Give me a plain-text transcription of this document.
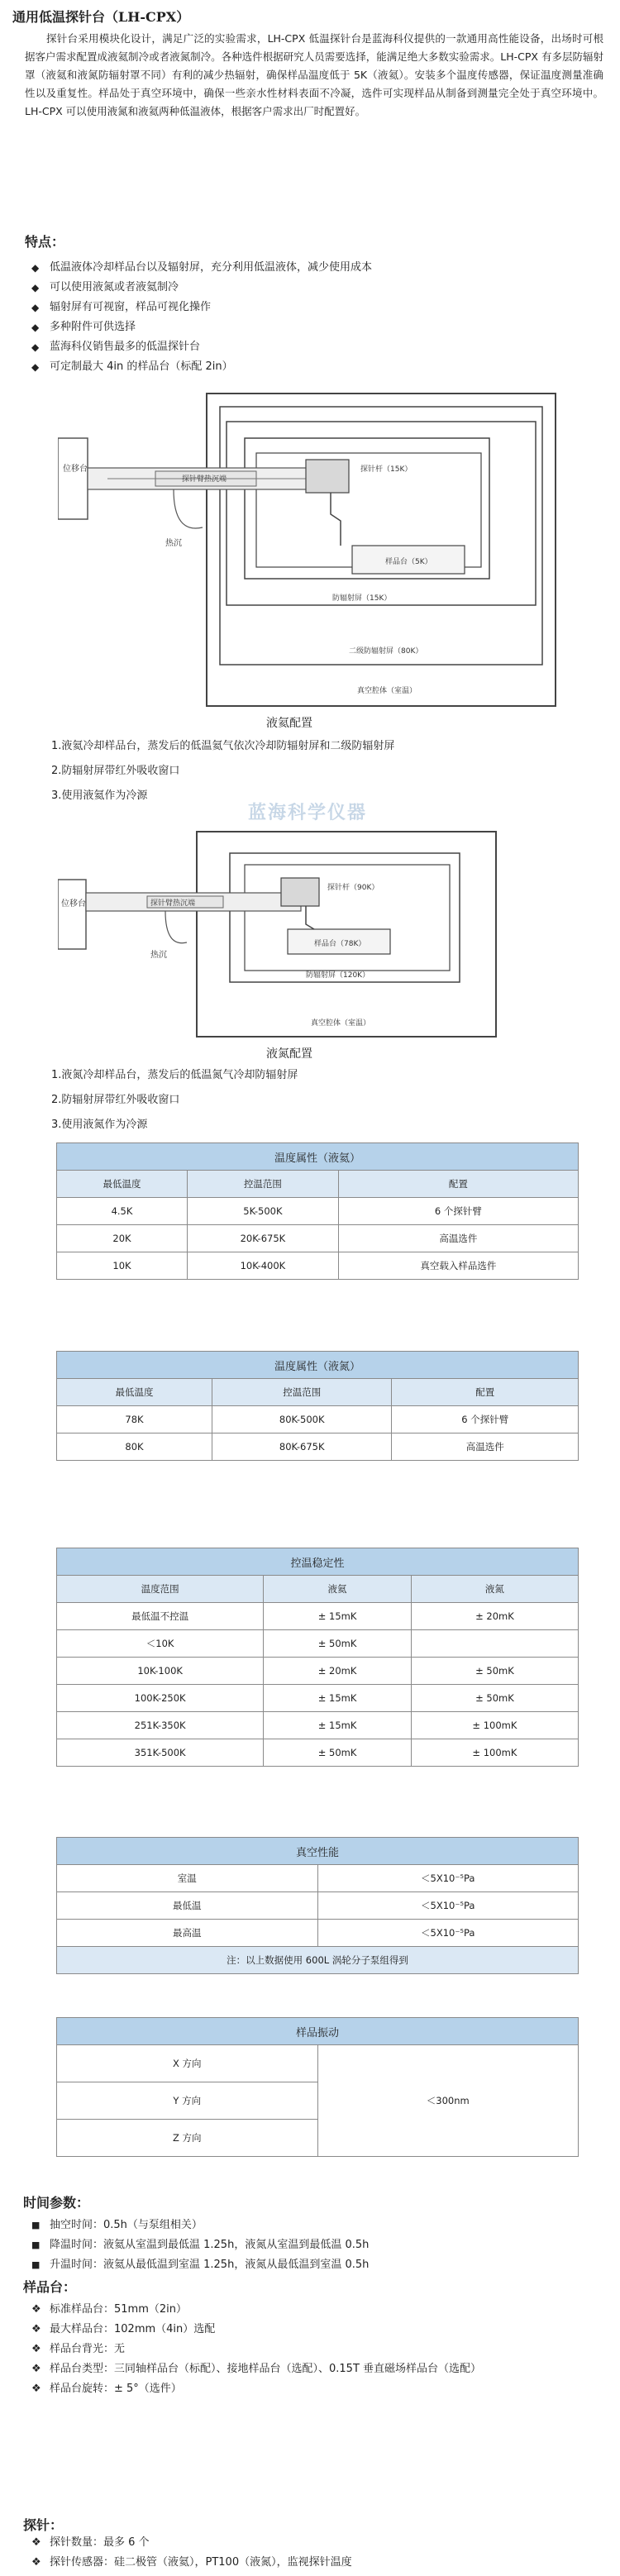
通用低温探针台（LH-CPX）

探针台采用模块化设计，满足广泛的实验需求，LH-CPX 低温探针台是蓝海科仪提供的一款通用高性能设备，出场时可根据客户需求配置成液氦制冷或者液氮制冷。各种选件根据研究人员需要选择，能满足绝大多数实验需求。LH-CPX 有多层防辐射罩（液氦和液氮防辐射罩不同）有利的减少热辐射，确保样品温度低于 5K（液氦）。安装多个温度传感器，保证温度测量准确性以及重复性。样品处于真空环境中，确保一些亲水性材料表面不冷凝，选件可实现样品从制备到测量完全处于真空环境中。LH-CPX 可以使用液氮和液氦两种低温液体，根据客户需求出厂时配置好。

特点：
◆ 低温液体冷却样品台以及辐射屏，充分利用低温液体，减少使用成本
◆ 可以使用液氮或者液氦制冷
◆ 辐射屏有可视窗，样品可视化操作
◆ 多种附件可供选择
◆ 蓝海科仪销售最多的低温探针台
◆ 可定制最大 4in 的样品台（标配 2in）
位移台
探针臂热沉端
探针杆（15K）
热沉
样品台（5K）
防辐射屏（15K）
二级防辐射屏（80K）
真空腔体（室温）
液氦配置
1.液氦冷却样品台，蒸发后的低温氦气依次冷却防辐射屏和二级防辐射屏
2.防辐射屏带红外吸收窗口
3.使用液氦作为冷源
蓝海科学仪器
位移台	探针臂热沉端
探针杆（90K）
热沉
样品台（78K）
防辐射屏（120K）
真空腔体（室温）
液氮配置
1.液氮冷却样品台，蒸发后的低温氮气冷却防辐射屏
2.防辐射屏带红外吸收窗口
3.使用液氮作为冷源
温度属性（液氦）		
最低温度	控温范围	配置
4.5K	5K-500K	6 个探针臂
20K	20K-675K	高温选件
10K	10K-400K	真空载入样品选件
温度属性（液氮）		
最低温度	控温范围	配置
78K	80K-500K	6 个探针臂
80K	80K-675K	高温选件
控温稳定性		
温度范围	液氦	液氮
最低温不控温	± 15mK	± 20mK
＜10K	± 50mK	
10K-100K	± 20mK	± 50mK
100K-250K	± 15mK	± 50mK
251K-350K	± 15mK	± 100mK
351K-500K	± 50mK	± 100mK
真空性能	
室温	＜5X10⁻⁵Pa
最低温	＜5X10⁻⁵Pa
最高温	＜5X10⁻⁵Pa
注：以上数据使用 600L 涡轮分子泵组得到	
样品振动
X 方向	＜300nm
Y 方向
Z 方向
时间参数：
■ 抽空时间：0.5h（与泵组相关）
■ 降温时间：液氦从室温到最低温 1.25h，液氮从室温到最低温 0.5h
■ 升温时间：液氦从最低温到室温 1.25h，液氮从最低温到室温 0.5h
样品台：
❖ 标准样品台：51mm（2in）
❖ 最大样品台：102mm（4in）选配
❖ 样品台背光：无
❖ 样品台类型：三同轴样品台（标配）、接地样品台（选配）、0.15T 垂直磁场样品台（选配）
❖ 样品台旋转：± 5°（选件）
探针：
❖ 探针数量：最多 6 个
❖ 探针传感器：硅二极管（液氦），PT100（液氮），监视探针温度
